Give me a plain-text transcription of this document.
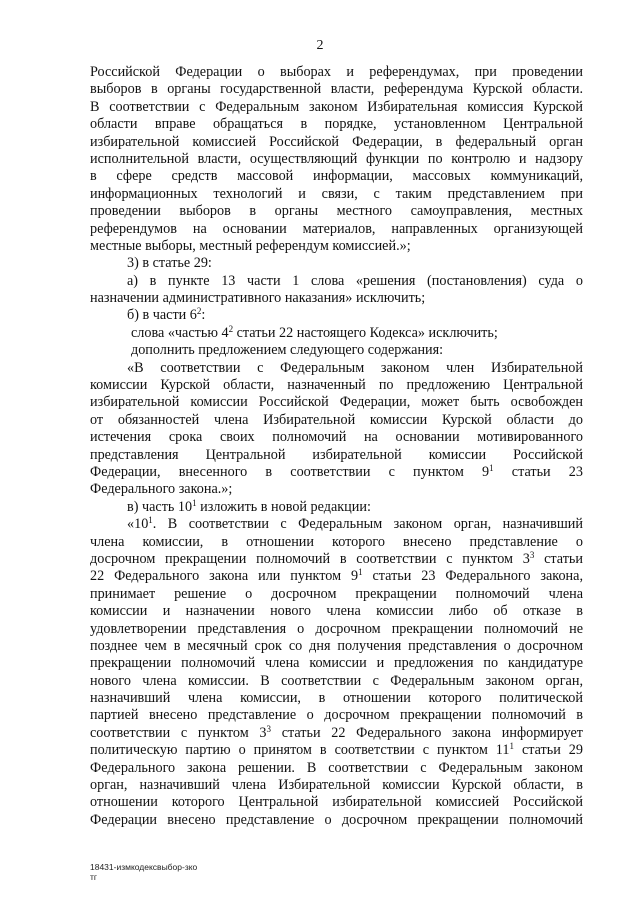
2
Российской Федерации о выборах и референдумах, при проведении
выборов в органы государственной власти, референдума Курской области.
В соответствии с Федеральным законом Избирательная комиссия Курской
области вправе обращаться в порядке, установленном Центральной
избирательной комиссией Российской Федерации, в федеральный орган
исполнительной власти, осуществляющий функции по контролю и надзору
в сфере средств массовой информации, массовых коммуникаций,
информационных технологий и связи, с таким представлением при
проведении выборов в органы местного самоуправления, местных
референдумов на основании материалов, направленных организующей
местные выборы, местный референдум комиссией.»;
3) в статье 29:
а) в пункте 13 части 1 слова «решения (постановления) суда о
назначении административного наказания» исключить;
б) в части $6^2$:
слова «частью $4^2$ статьи 22 настоящего Кодекса» исключить;
дополнить предложением следующего содержания:
«В соответствии с Федеральным законом член Избирательной
комиссии Курской области, назначенный по предложению Центральной
избирательной комиссии Российской Федерации, может быть освобожден
от обязанностей члена Избирательной комиссии Курской области до
истечения срока своих полномочий на основании мотивированного
представления Центральной избирательной комиссии Российской
Федерации, внесенного в соответствии с пунктом $9^1$ статьи 23
Федерального закона.»;
в) часть $10^1$ изложить в новой редакции:
«$10^1$. В соответствии с Федеральным законом орган, назначивший
члена комиссии, в отношении которого внесено представление о
досрочном прекращении полномочий в соответствии с пунктом $3^3$ статьи
22 Федерального закона или пунктом $9^1$ статьи 23 Федерального закона,
принимает решение о досрочном прекращении полномочий члена
комиссии и назначении нового члена комиссии либо об отказе в
удовлетворении представления о досрочном прекращении полномочий не
позднее чем в месячный срок со дня получения представления о досрочном
прекращении полномочий члена комиссии и предложения по кандидатуре
нового члена комиссии. В соответствии с Федеральным законом орган,
назначивший члена комиссии, в отношении которого политической
партией внесено представление о досрочном прекращении полномочий в
соответствии с пунктом $3^3$ статьи 22 Федерального закона информирует
политическую партию о принятом в соответствии с пунктом $11^1$ статьи 29
Федерального закона решении. В соответствии с Федеральным законом
орган, назначивший члена Избирательной комиссии Курской области, в
отношении которого Центральной избирательной комиссией Российской
Федерации внесено представление о досрочном прекращении полномочий
18431-измкодексвыбор-зко
тг
